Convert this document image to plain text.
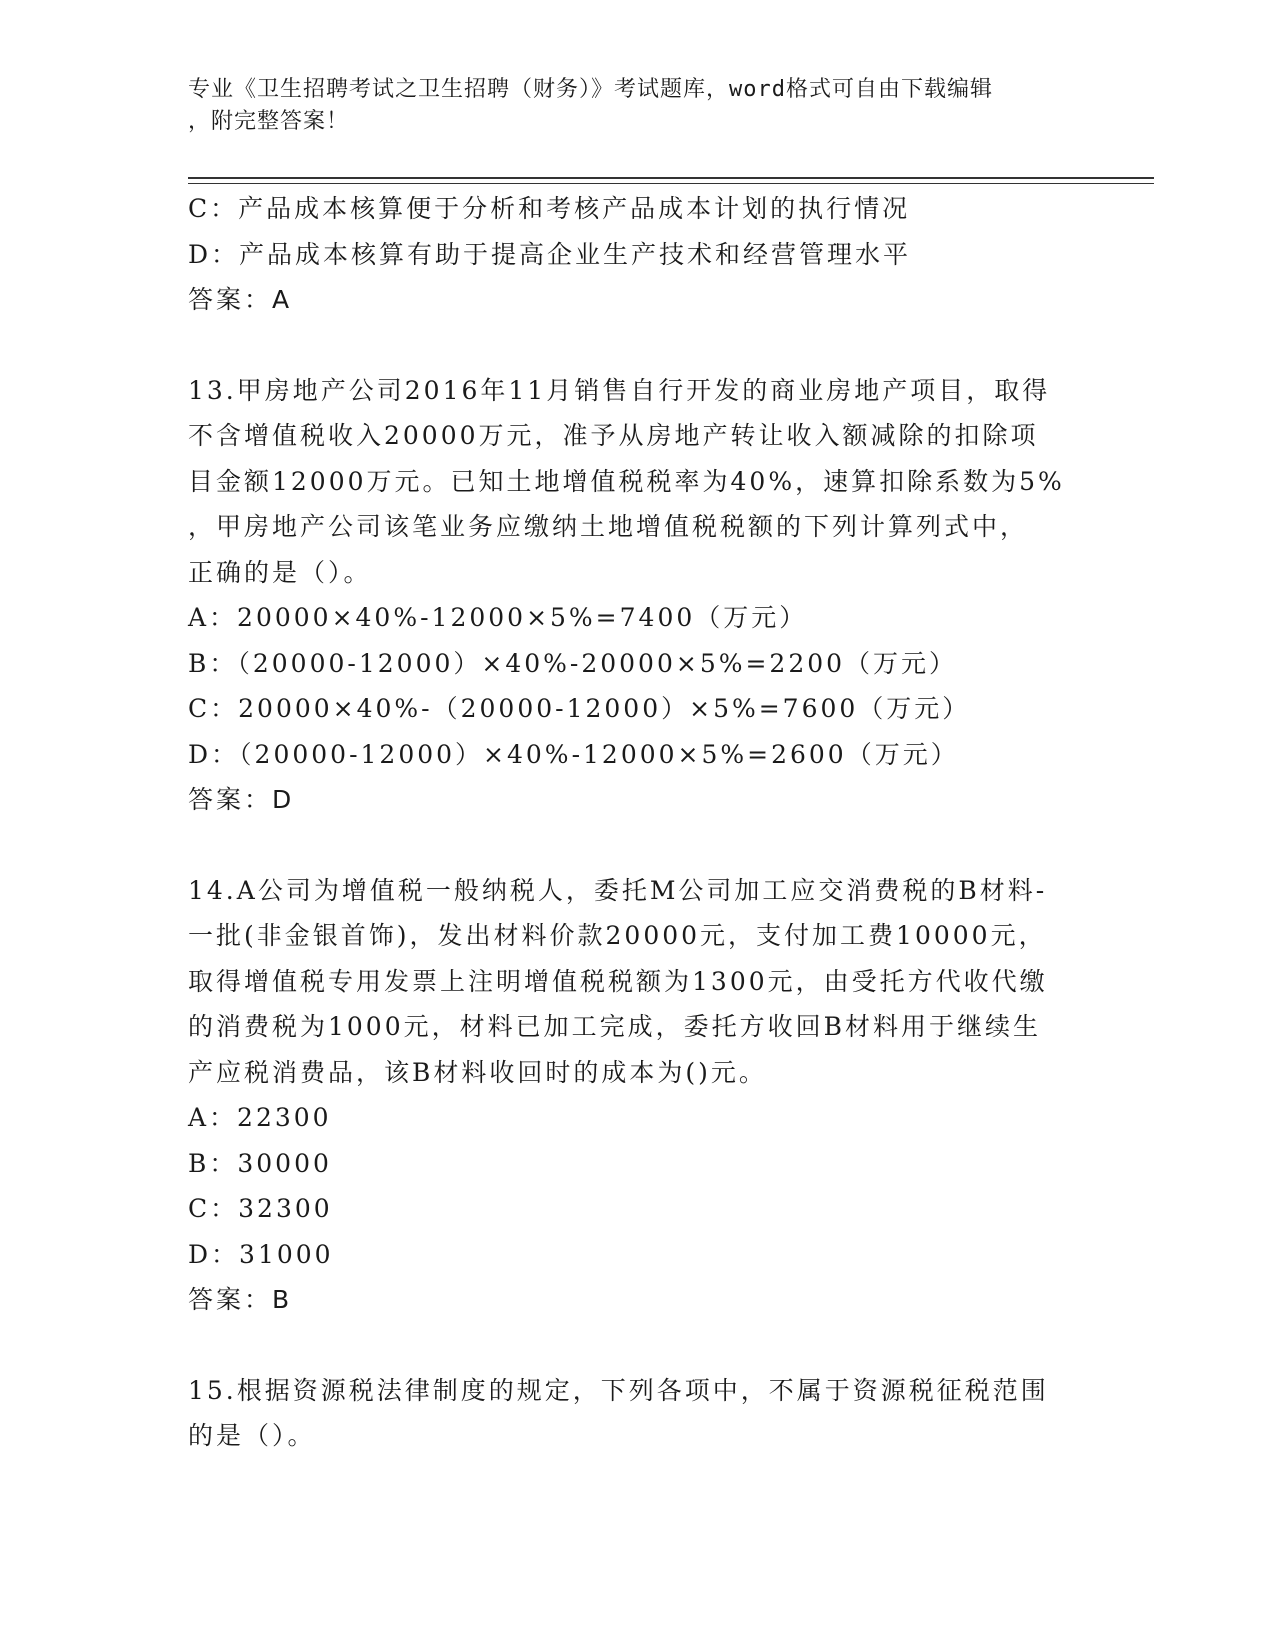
专业《卫生招聘考试之卫生招聘（财务）》考试题库，word格式可自由下载编辑
，附完整答案！

C：产品成本核算便于分析和考核产品成本计划的执行情况

D：产品成本核算有助于提高企业生产技术和经营管理水平

答案：A

13.甲房地产公司2016年11月销售自行开发的商业房地产项目，取得

不含增值税收入20000万元，准予从房地产转让收入额减除的扣除项

目金额12000万元。已知土地增值税税率为40%，速算扣除系数为5%

，甲房地产公司该笔业务应缴纳土地增值税税额的下列计算列式中，

正确的是（）。

A：20000×40%-12000×5%=7400（万元）

B：（20000-12000）×40%-20000×5%=2200（万元）

C：20000×40%-（20000-12000）×5%=7600（万元）

D：（20000-12000）×40%-12000×5%=2600（万元）

答案：D

14.A公司为增值税一般纳税人，委托M公司加工应交消费税的B材料-

一批(非金银首饰)，发出材料价款20000元，支付加工费10000元，

取得增值税专用发票上注明增值税税额为1300元，由受托方代收代缴

的消费税为1000元，材料已加工完成，委托方收回B材料用于继续生

产应税消费品，该B材料收回时的成本为()元。

A：22300

B：30000

C：32300

D：31000

答案：B

15.根据资源税法律制度的规定，下列各项中，不属于资源税征税范围

的是（）。
